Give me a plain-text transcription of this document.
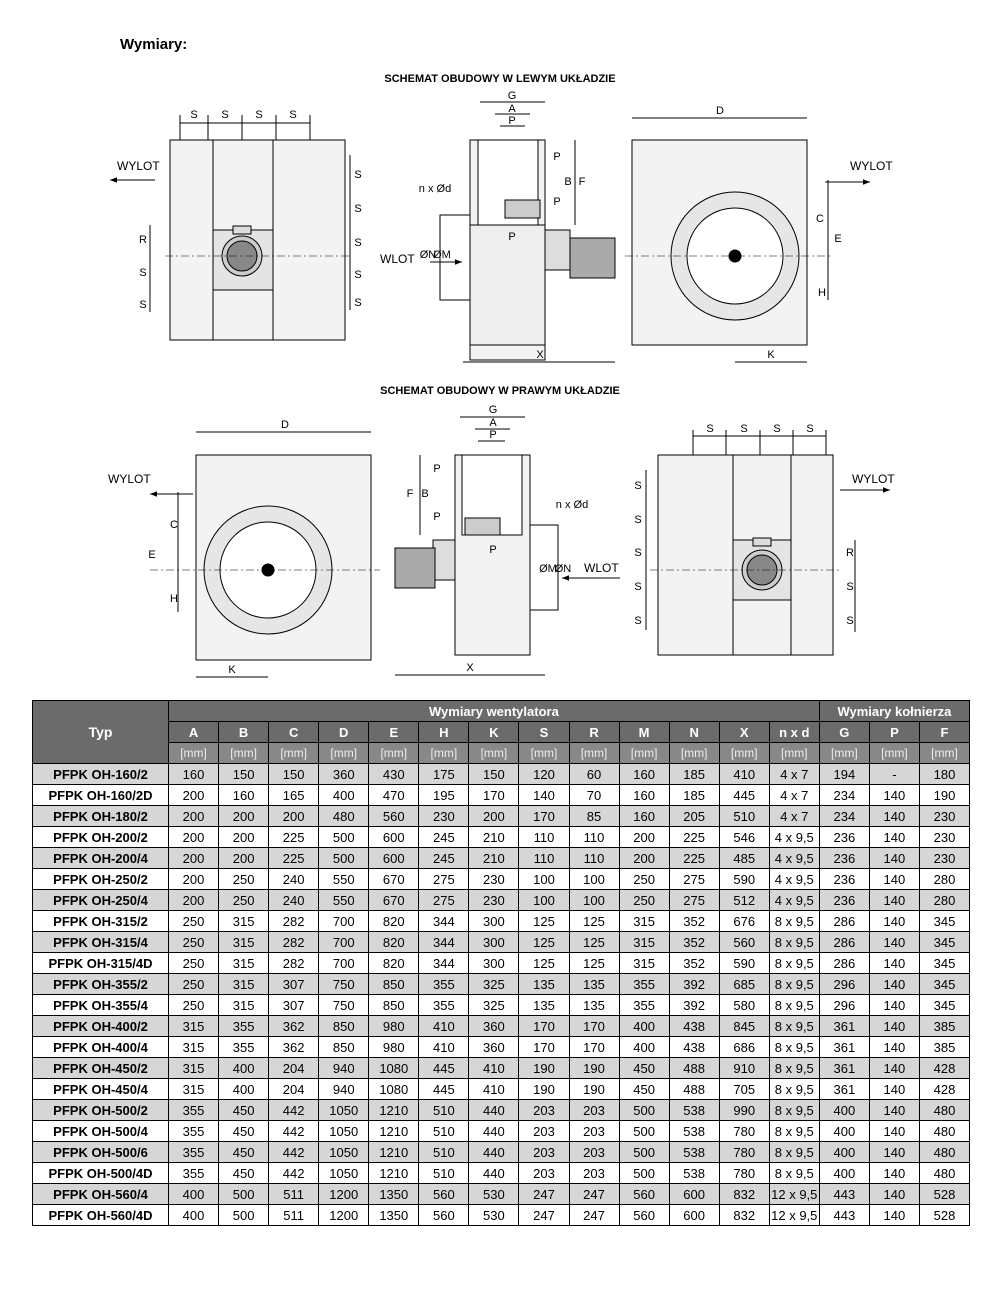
Wymiary:
SCHEMAT OBUDOWY W LEWYM UKŁADZIE
SCHEMAT OBUDOWY W PRAWYM UKŁADZIE
S S S S
S
S
S
S
S
R
S
S
WYLOT
G
A
P
P
P
B F
P
n x Ød
ØM
ØN
WLOT
X
D
C
E
H
K
WYLOT
D
C
E
H
K
WYLOT
G
A
P
P
B
F
P
P
n x Ød
ØM
ØN WLOT
X
S S S S
S
S
S
S
S
R
S
S
WYLOT
Typ	Wymiary wentylatora													Wymiary kołnierza		
	A	B	C	D	E	H	K	S	R	M	N	X	n x d	G	P	F
	[mm]	[mm]	[mm]	[mm]	[mm]	[mm]	[mm]	[mm]	[mm]	[mm]	[mm]	[mm]	[mm]	[mm]	[mm]	[mm]
PFPK OH-160/2	160	150	150	360	430	175	150	120	60	160	185	410	4 x 7	194	-	180
PFPK OH-160/2D	200	160	165	400	470	195	170	140	70	160	185	445	4 x 7	234	140	190
PFPK OH-180/2	200	200	200	480	560	230	200	170	85	160	205	510	4 x 7	234	140	230
PFPK OH-200/2	200	200	225	500	600	245	210	110	110	200	225	546	4 x 9,5	236	140	230
PFPK OH-200/4	200	200	225	500	600	245	210	110	110	200	225	485	4 x 9,5	236	140	230
PFPK OH-250/2	200	250	240	550	670	275	230	100	100	250	275	590	4 x 9,5	236	140	280
PFPK OH-250/4	200	250	240	550	670	275	230	100	100	250	275	512	4 x 9,5	236	140	280
PFPK OH-315/2	250	315	282	700	820	344	300	125	125	315	352	676	8 x 9,5	286	140	345
PFPK OH-315/4	250	315	282	700	820	344	300	125	125	315	352	560	8 x 9,5	286	140	345
PFPK OH-315/4D	250	315	282	700	820	344	300	125	125	315	352	590	8 x 9,5	286	140	345
PFPK OH-355/2	250	315	307	750	850	355	325	135	135	355	392	685	8 x 9,5	296	140	345
PFPK OH-355/4	250	315	307	750	850	355	325	135	135	355	392	580	8 x 9,5	296	140	345
PFPK OH-400/2	315	355	362	850	980	410	360	170	170	400	438	845	8 x 9,5	361	140	385
PFPK OH-400/4	315	355	362	850	980	410	360	170	170	400	438	686	8 x 9,5	361	140	385
PFPK OH-450/2	315	400	204	940	1080	445	410	190	190	450	488	910	8 x 9,5	361	140	428
PFPK OH-450/4	315	400	204	940	1080	445	410	190	190	450	488	705	8 x 9,5	361	140	428
PFPK OH-500/2	355	450	442	1050	1210	510	440	203	203	500	538	990	8 x 9,5	400	140	480
PFPK OH-500/4	355	450	442	1050	1210	510	440	203	203	500	538	780	8 x 9,5	400	140	480
PFPK OH-500/6	355	450	442	1050	1210	510	440	203	203	500	538	780	8 x 9,5	400	140	480
PFPK OH-500/4D	355	450	442	1050	1210	510	440	203	203	500	538	780	8 x 9,5	400	140	480
PFPK OH-560/4	400	500	511	1200	1350	560	530	247	247	560	600	832	12 x 9,5	443	140	528
PFPK OH-560/4D	400	500	511	1200	1350	560	530	247	247	560	600	832	12 x 9,5	443	140	528
